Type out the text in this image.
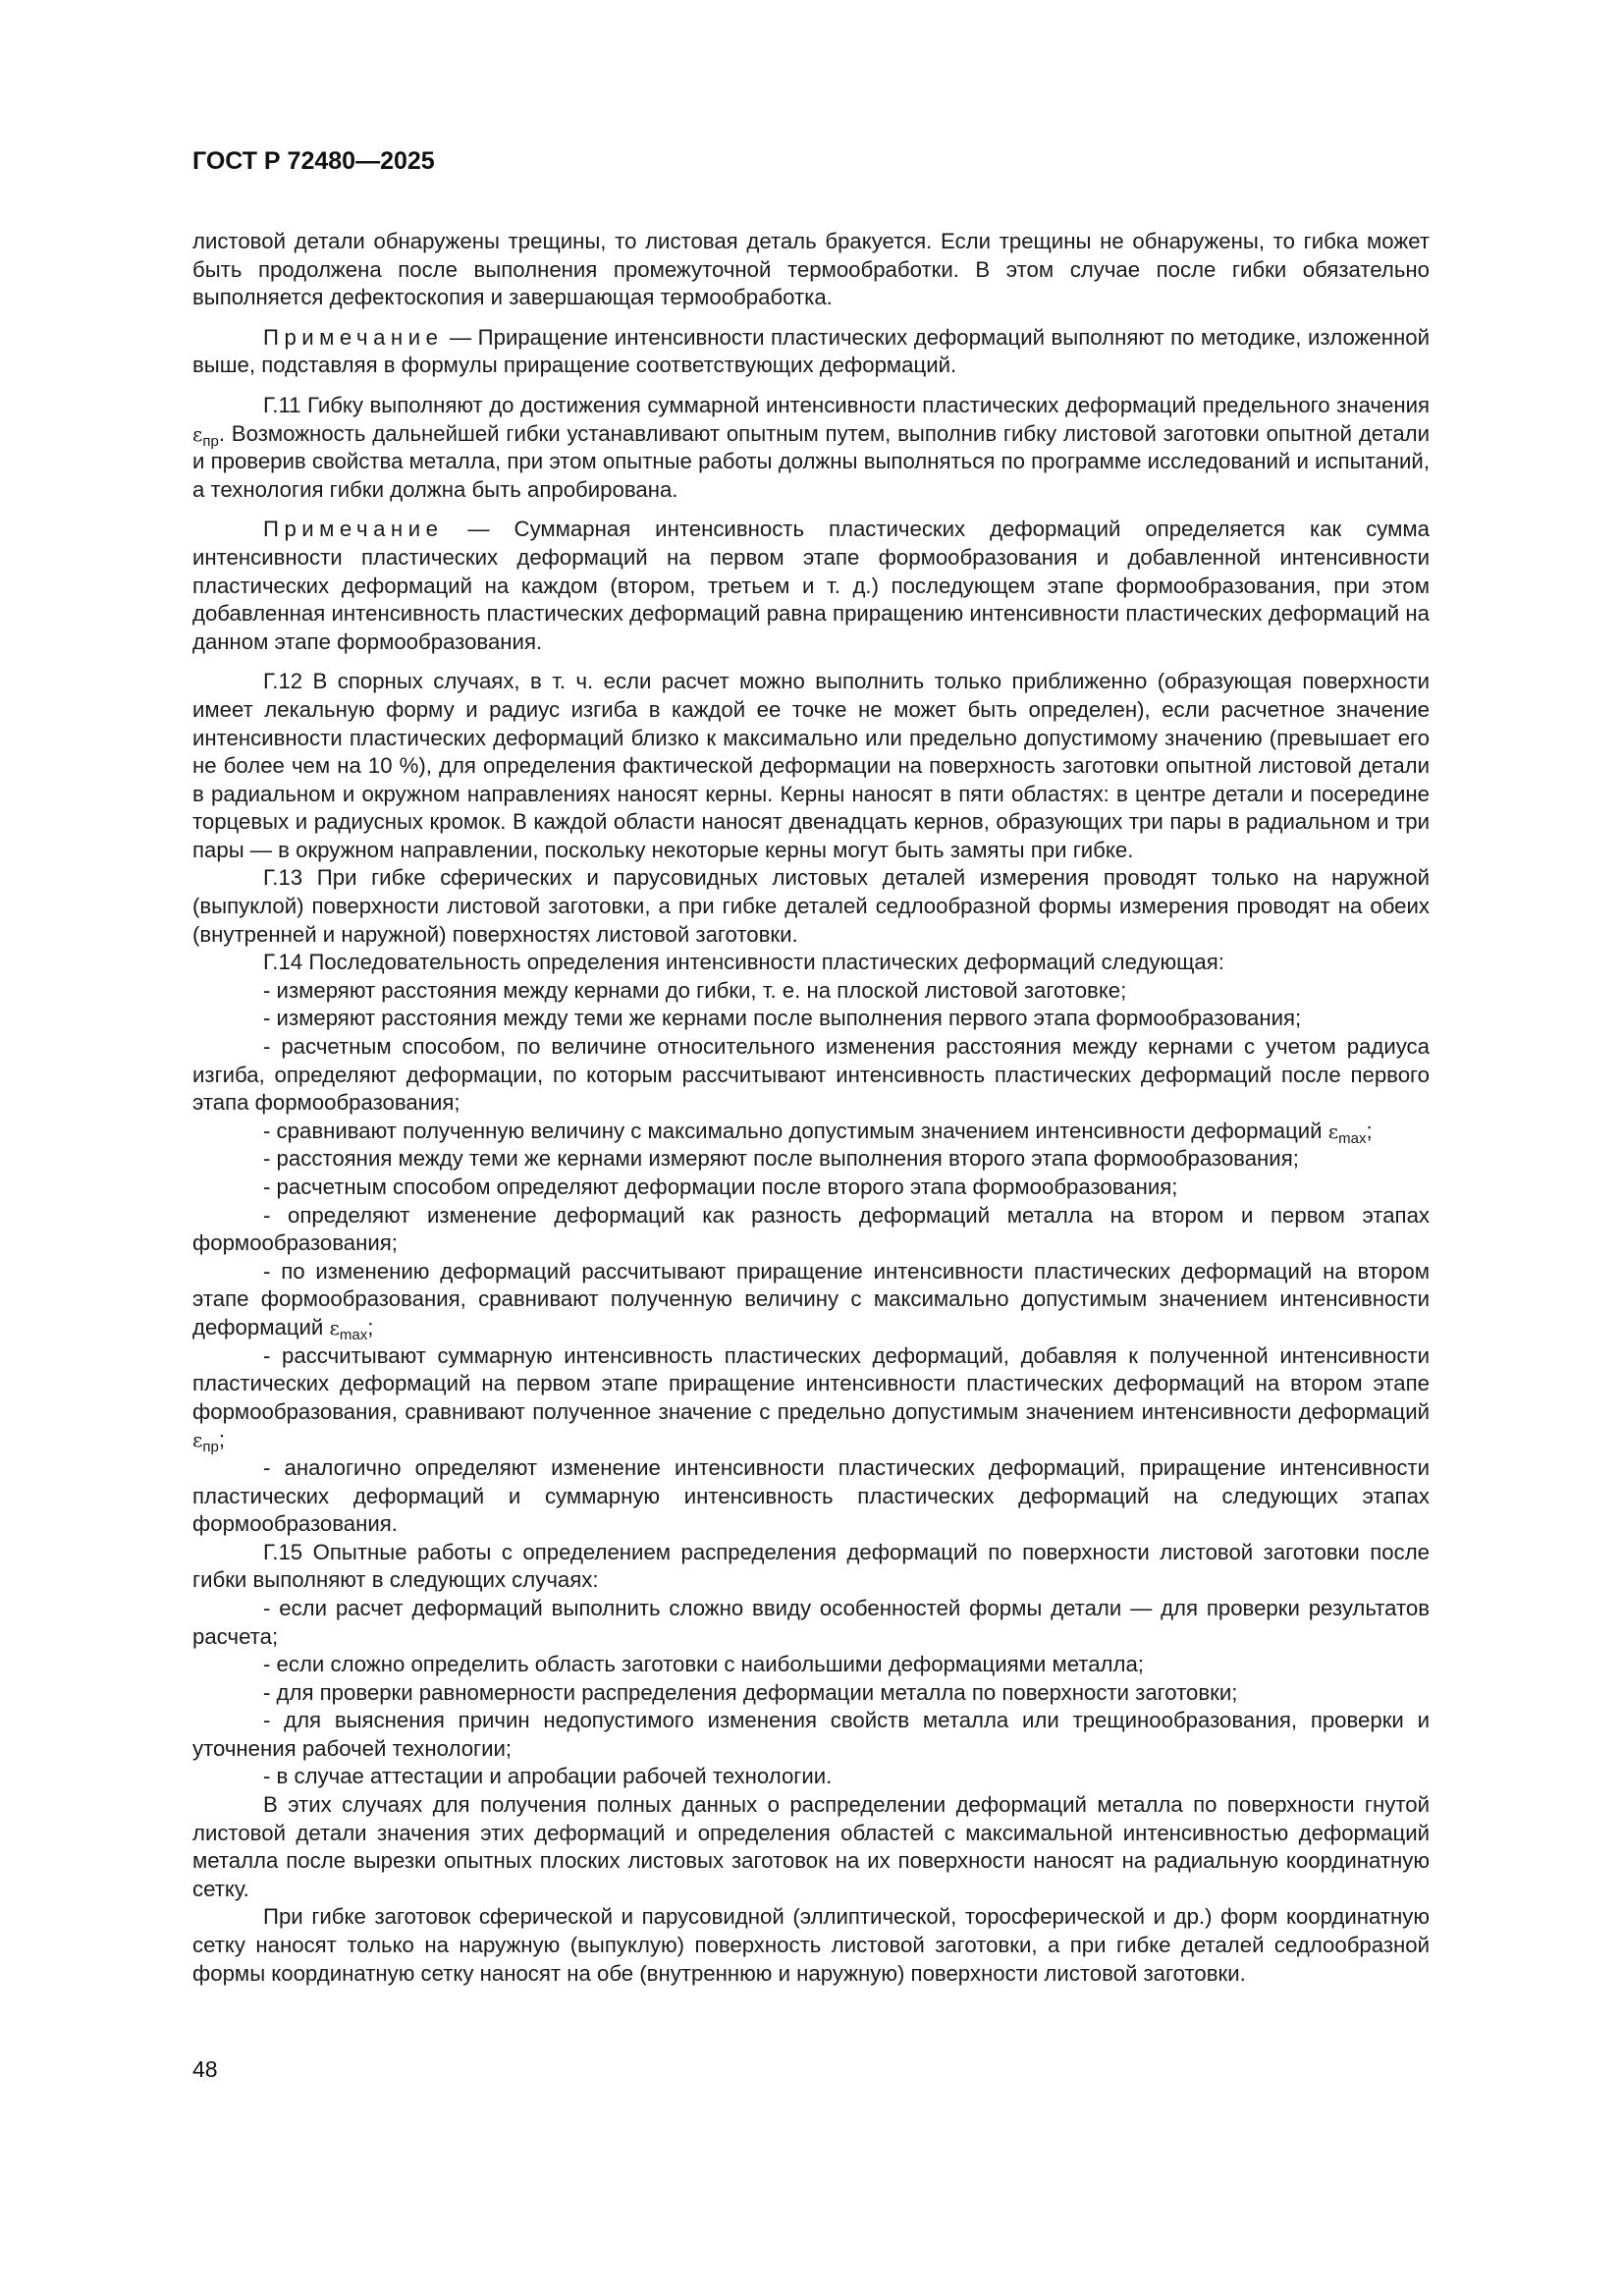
ГОСТ Р 72480—2025

листовой детали обнаружены трещины, то листовая деталь бракуется. Если трещины не обнаружены, то гибка может быть продолжена после выполнения промежуточной термообработки. В этом случае после гибки обязательно выполняется дефектоскопия и завершающая термообработка.

Примечание — Приращение интенсивности пластических деформаций выполняют по методике, изложенной выше, подставляя в формулы приращение соответствующих деформаций.

Г.11 Гибку выполняют до достижения суммарной интенсивности пластических деформаций предельного значения $\varepsilon_{пр}$. Возможность дальнейшей гибки устанавливают опытным путем, выполнив гибку листовой заготовки опытной детали и проверив свойства металла, при этом опытные работы должны выполняться по программе исследований и испытаний, а технология гибки должна быть апробирована.

Примечание — Суммарная интенсивность пластических деформаций определяется как сумма интенсивности пластических деформаций на первом этапе формообразования и добавленной интенсивности пластических деформаций на каждом (втором, третьем и т. д.) последующем этапе формообразования, при этом добавленная интенсивность пластических деформаций равна приращению интенсивности пластических деформаций на данном этапе формообразования.

Г.12 В спорных случаях, в т. ч. если расчет можно выполнить только приближенно (образующая поверхности имеет лекальную форму и радиус изгиба в каждой ее точке не может быть определен), если расчетное значение интенсивности пластических деформаций близко к максимально или предельно допустимому значению (превышает его не более чем на 10 %), для определения фактической деформации на поверхность заготовки опытной листовой детали в радиальном и окружном направлениях наносят керны. Керны наносят в пяти областях: в центре детали и посередине торцевых и радиусных кромок. В каждой области наносят двенадцать кернов, образующих три пары в радиальном и три пары — в окружном направлении, поскольку некоторые керны могут быть замяты при гибке.

Г.13 При гибке сферических и парусовидных листовых деталей измерения проводят только на наружной (выпуклой) поверхности листовой заготовки, а при гибке деталей седлообразной формы измерения проводят на обеих (внутренней и наружной) поверхностях листовой заготовки.

Г.14 Последовательность определения интенсивности пластических деформаций следующая:

- измеряют расстояния между кернами до гибки, т. е. на плоской листовой заготовке;

- измеряют расстояния между теми же кернами после выполнения первого этапа формообразования;

- расчетным способом, по величине относительного изменения расстояния между кернами с учетом радиуса изгиба, определяют деформации, по которым рассчитывают интенсивность пластических деформаций после первого этапа формообразования;

- сравнивают полученную величину с максимально допустимым значением интенсивности деформаций $\varepsilon_{max}$;

- расстояния между теми же кернами измеряют после выполнения второго этапа формообразования;

- расчетным способом определяют деформации после второго этапа формообразования;

- определяют изменение деформаций как разность деформаций металла на втором и первом этапах формообразования;

- по изменению деформаций рассчитывают приращение интенсивности пластических деформаций на втором этапе формообразования, сравнивают полученную величину с максимально допустимым значением интенсивности деформаций $\varepsilon_{max}$;

- рассчитывают суммарную интенсивность пластических деформаций, добавляя к полученной интенсивности пластических деформаций на первом этапе приращение интенсивности пластических деформаций на втором этапе формообразования, сравнивают полученное значение с предельно допустимым значением интенсивности деформаций $\varepsilon_{пр}$;

- аналогично определяют изменение интенсивности пластических деформаций, приращение интенсивности пластических деформаций и суммарную интенсивность пластических деформаций на следующих этапах формообразования.

Г.15 Опытные работы с определением распределения деформаций по поверхности листовой заготовки после гибки выполняют в следующих случаях:

- если расчет деформаций выполнить сложно ввиду особенностей формы детали — для проверки результатов расчета;

- если сложно определить область заготовки с наибольшими деформациями металла;

- для проверки равномерности распределения деформации металла по поверхности заготовки;

- для выяснения причин недопустимого изменения свойств металла или трещинообразования, проверки и уточнения рабочей технологии;

- в случае аттестации и апробации рабочей технологии.

В этих случаях для получения полных данных о распределении деформаций металла по поверхности гнутой листовой детали значения этих деформаций и определения областей с максимальной интенсивностью деформаций металла после вырезки опытных плоских листовых заготовок на их поверхности наносят на радиальную координатную сетку.

При гибке заготовок сферической и парусовидной (эллиптической, торосферической и др.) форм координатную сетку наносят только на наружную (выпуклую) поверхность листовой заготовки, а при гибке деталей седлообразной формы координатную сетку наносят на обе (внутреннюю и наружную) поверхности листовой заготовки.

48
